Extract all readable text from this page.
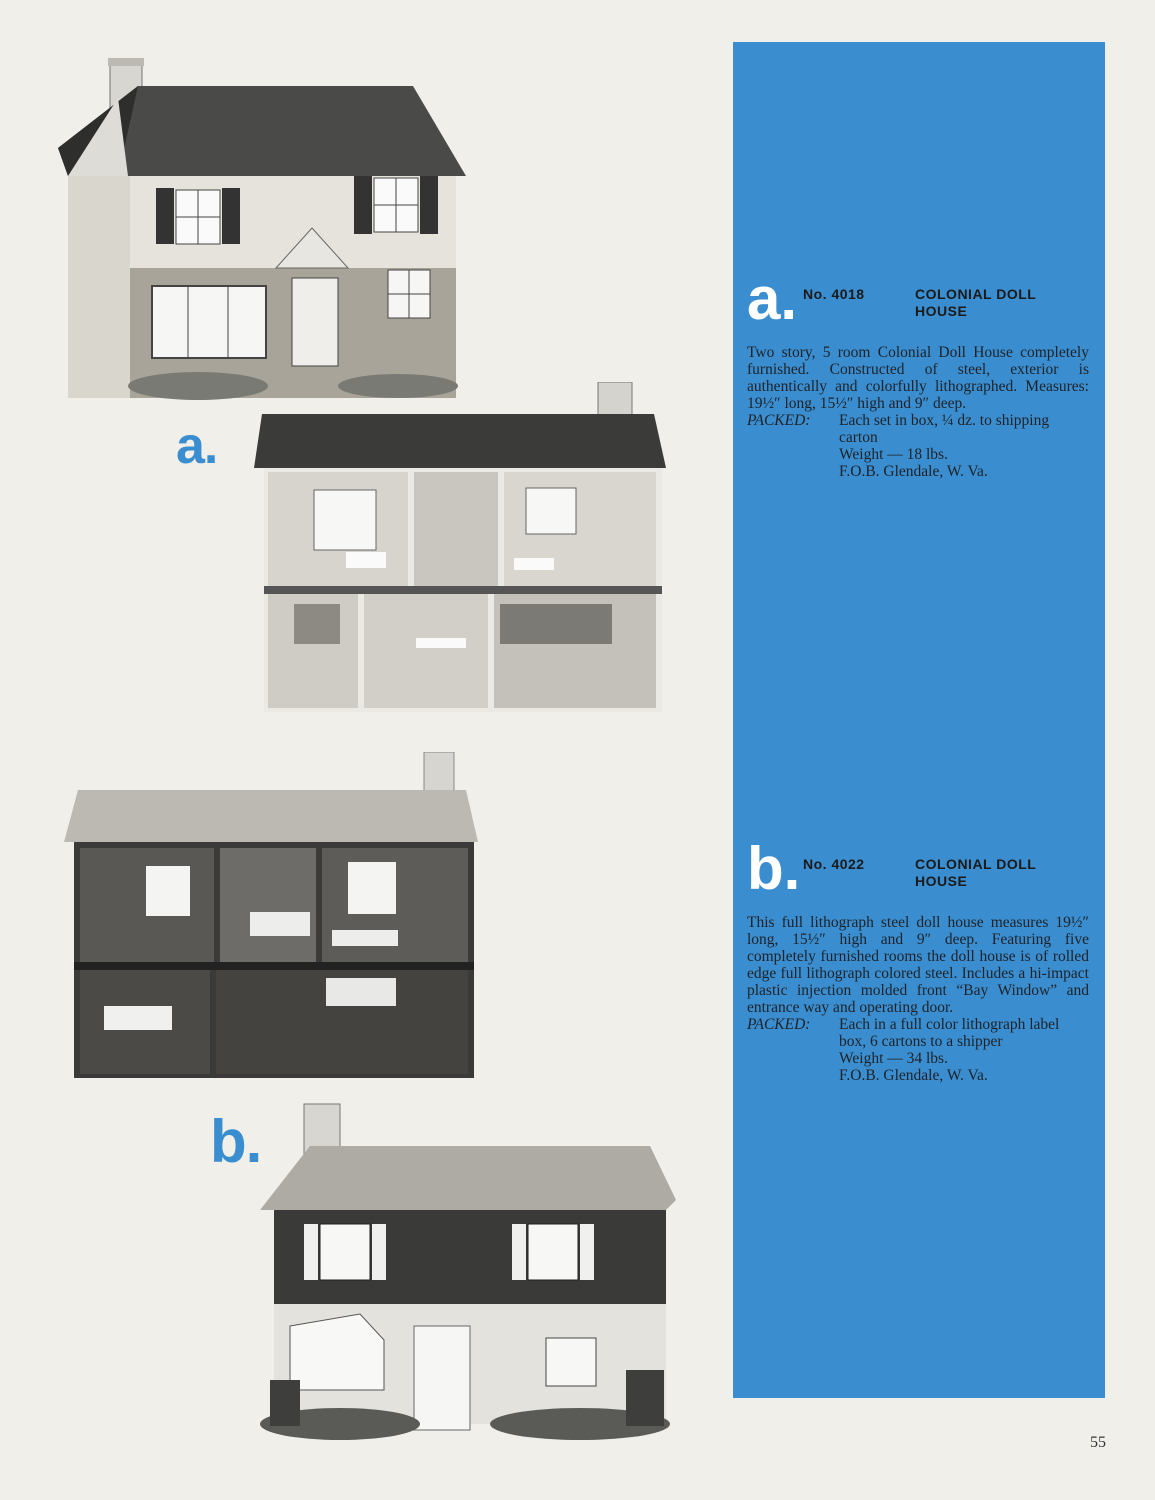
a.
b.
a. No. 4018	COLONIAL DOLL HOUSE

Two story, 5 room Colonial Doll House completely furnished. Constructed of steel, exterior is authentically and colorfully lithographed. Measures: 19½″ long, 15½″ high and 9″ deep.

PACKED:	Each set in box, ¼ dz. to shipping carton
Weight — 18 lbs.
F.O.B. Glendale, W. Va.
b. No. 4022	COLONIAL DOLL HOUSE

This full lithograph steel doll house measures 19½″ long, 15½″ high and 9″ deep. Featuring five completely furnished rooms the doll house is of rolled edge full lithograph colored steel. Includes a hi-impact plastic injection molded front “Bay Window” and entrance way and operating door.

PACKED:	Each in a full color lithograph label box, 6 cartons to a shipper
Weight — 34 lbs.
F.O.B. Glendale, W. Va.
55
